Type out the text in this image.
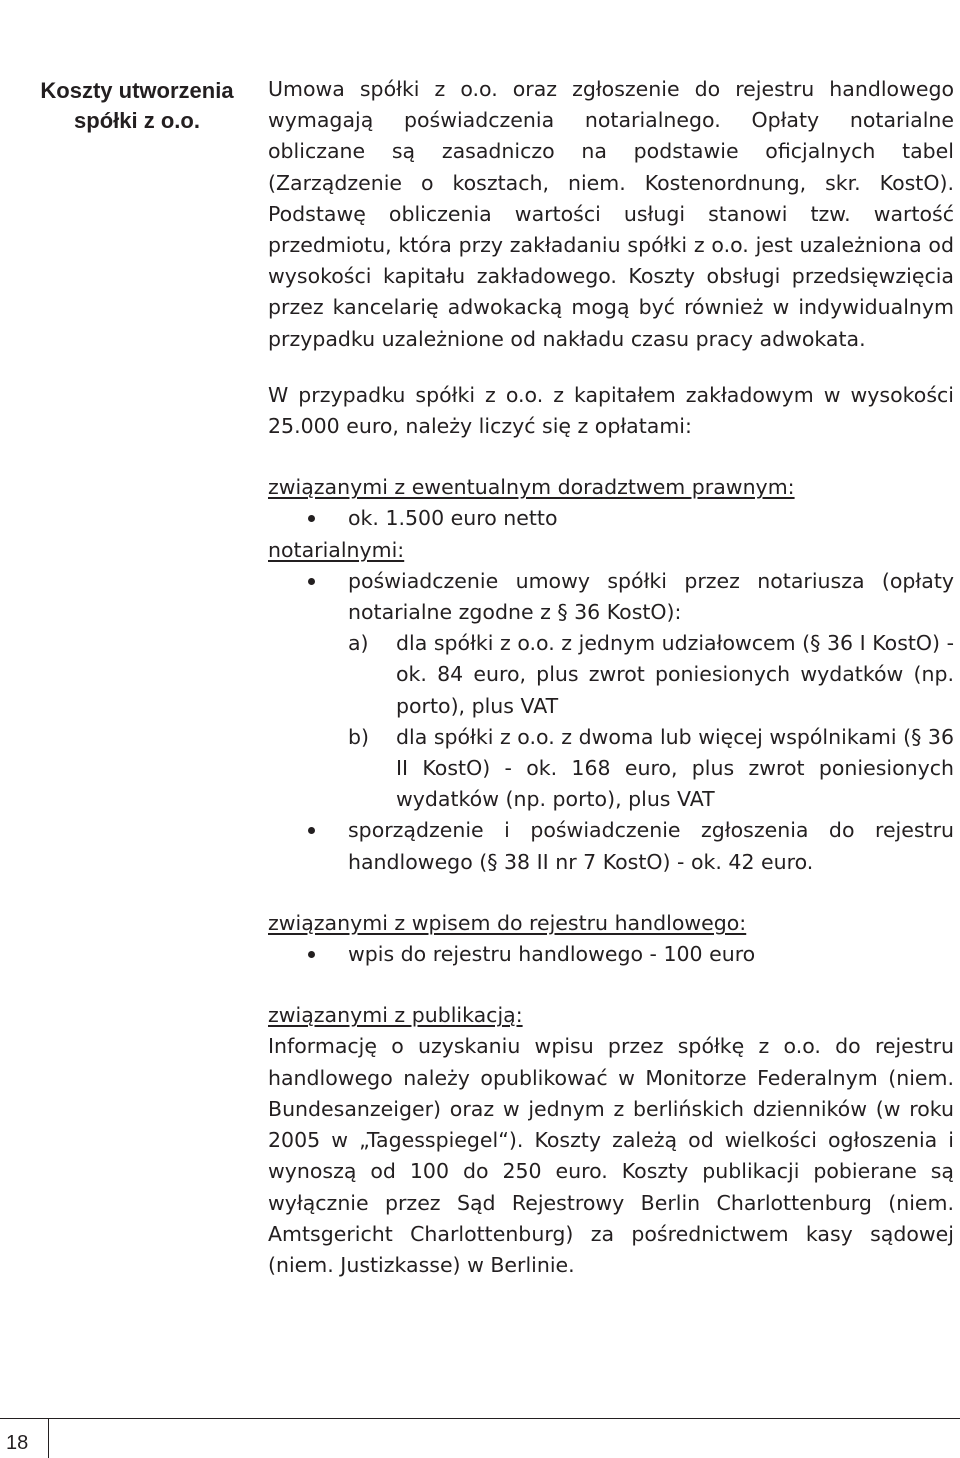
Koszty utworzenia
spółki z o.o.

Umowa spółki z o.o. oraz zgłoszenie do rejestru handlowego wymagają poświadczenia notarialnego. Opłaty notarialne obliczane są zasadniczo na podstawie oficjalnych tabel (Zarządzenie o kosztach, niem. Kostenordnung, skr. KostO). Podstawę obliczenia wartości usługi stanowi tzw. wartość przedmiotu, która przy zakładaniu spółki z o.o. jest uzależniona od wysokości kapitału zakładowego. Koszty obsługi przedsięwzięcia przez kancelarię adwokacką mogą być również w indywidualnym przypadku uzależnione od nakładu czasu pracy adwokata.

W przypadku spółki z o.o. z kapitałem zakładowym w wysokości 25.000 euro, należy liczyć się z opłatami:

związanymi z ewentualnym doradztwem prawnym:

ok. 1.500 euro netto

notarialnymi:

poświadczenie umowy spółki przez notariusza (opłaty notarialne zgodne z § 36 KostO):

a) dla spółki z o.o. z jednym udziałowcem (§ 36 I KostO) - ok. 84 euro, plus zwrot poniesionych wydatków (np. porto), plus VAT

b) dla spółki z o.o. z dwoma lub więcej wspólnikami (§ 36 II KostO) - ok. 168 euro, plus zwrot poniesionych wydatków (np. porto), plus VAT

sporządzenie i poświadczenie zgłoszenia do rejestru handlowego (§ 38 II nr 7 KostO) - ok. 42 euro.

związanymi z wpisem do rejestru handlowego:

wpis do rejestru handlowego - 100 euro

związanymi z publikacją:

Informację o uzyskaniu wpisu przez spółkę z o.o. do rejestru handlowego należy opublikować w Monitorze Federalnym (niem. Bundesanzeiger) oraz w jednym z berlińskich dzienników (w roku 2005 w „Tagesspiegel“). Koszty zależą od wielkości ogłoszenia i wynoszą od 100 do 250 euro. Koszty publikacji pobierane są wyłącznie przez Sąd Rejestrowy Berlin Charlottenburg (niem. Amtsgericht Charlottenburg) za pośrednictwem kasy sądowej (niem. Justizkasse) w Berlinie.

18
